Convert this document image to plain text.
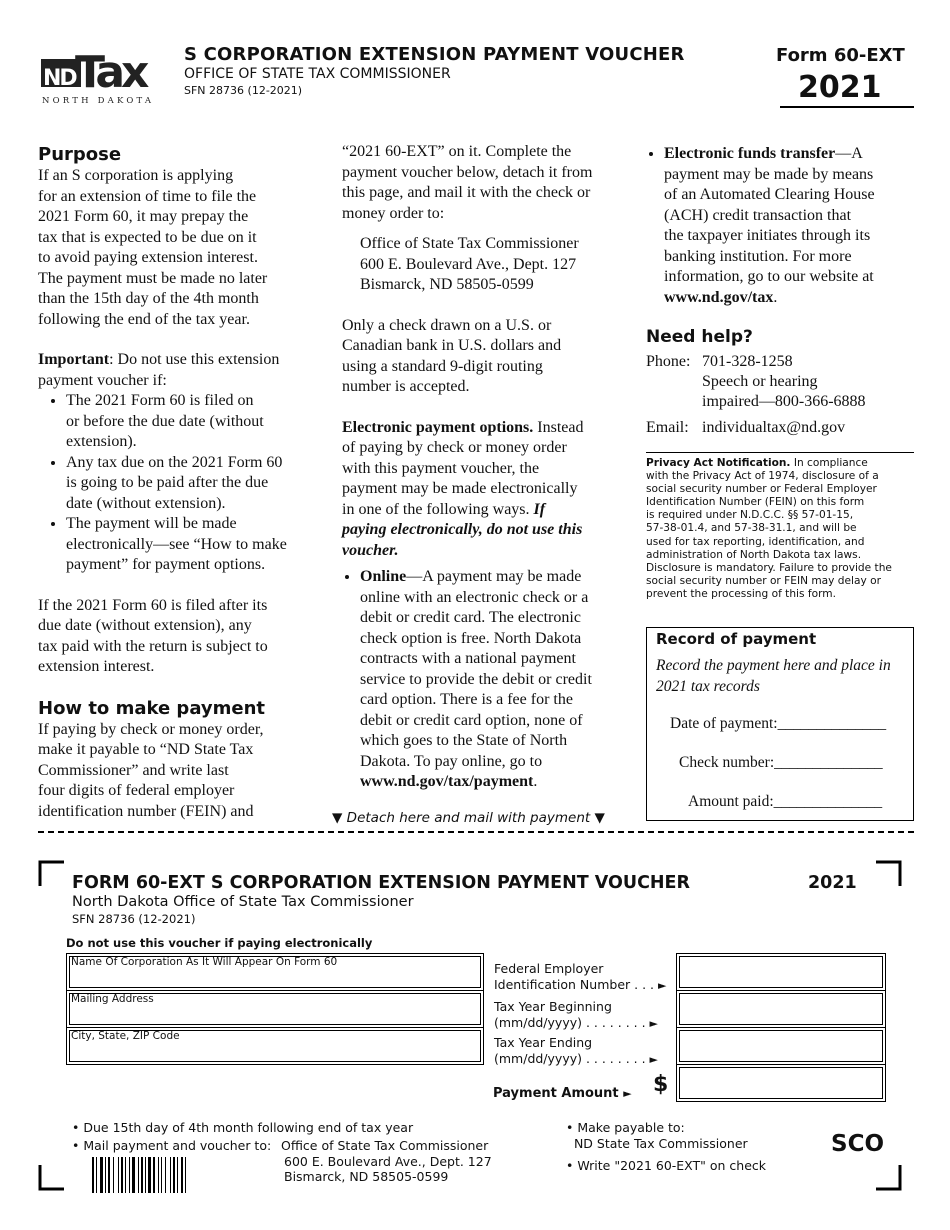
ND Tax
NORTH DAKOTA
S CORPORATION EXTENSION PAYMENT VOUCHER
OFFICE OF STATE TAX COMMISSIONER
SFN 28736 (12-2021)
Form 60-EXT
2021

Purpose

If an S corporation is applying

for an extension of time to file the

2021 Form 60, it may prepay the

tax that is expected to be due on it

to avoid paying extension interest.

The payment must be made no later

than the 15th day of the 4th month

following the end of the tax year.

Important: Do not use this extension

payment voucher if:

• The 2021 Form 60 is filed on
or before the due date (without
extension).
• Any tax due on the 2021 Form 60
is going to be paid after the due
date (without extension).
• The payment will be made
electronically—see “How to make
payment” for payment options.

If the 2021 Form 60 is filed after its

due date (without extension), any

tax paid with the return is subject to

extension interest.

How to make payment

If paying by check or money order,

make it payable to “ND State Tax

Commissioner” and write last

four digits of federal employer

identification number (FEIN) and

“2021 60-EXT” on it. Complete the

payment voucher below, detach it from

this page, and mail it with the check or

money order to:

Office of State Tax Commissioner

600 E. Boulevard Ave., Dept. 127

Bismarck, ND 58505-0599

Only a check drawn on a U.S. or

Canadian bank in U.S. dollars and

using a standard 9-digit routing

number is accepted.

Electronic payment options. Instead

of paying by check or money order

with this payment voucher, the

payment may be made electronically

in one of the following ways. If

paying electronically, do not use this

voucher.

• Online—A payment may be made
online with an electronic check or a
debit or credit card. The electronic
check option is free. North Dakota
contracts with a national payment
service to provide the debit or credit
card option. There is a fee for the
debit or credit card option, none of
which goes to the State of North
Dakota. To pay online, go to
www.nd.gov/tax/payment.
• Electronic funds transfer—A
payment may be made by means
of an Automated Clearing House
(ACH) credit transaction that
the taxpayer initiates through its
banking institution. For more
information, go to our website at
www.nd.gov/tax.

Need help?

Phone: 701-328-1258
Speech or hearing
impaired—800-366-6888
Email: individualtax@nd.gov
Privacy Act Notification. In compliance
with the Privacy Act of 1974, disclosure of a
social security number or Federal Employer
Identification Number (FEIN) on this form
is required under N.D.C.C. §§ 57-01-15,
57-38-01.4, and 57-38-31.1, and will be
used for tax reporting, identification, and
administration of North Dakota tax laws.
Disclosure is mandatory. Failure to provide the
social security number or FEIN may delay or
prevent the processing of this form.
Record of payment
Record the payment here and place in 2021 tax records
Date of payment:______________
Check number:______________
Amount paid:______________
▼ Detach here and mail with payment ▼
FORM 60-EXT S CORPORATION EXTENSION PAYMENT VOUCHER	2021
North Dakota Office of State Tax Commissioner
SFN 28736 (12-2021)
Do not use this voucher if paying electronically
Name Of Corporation As It Will Appear On Form 60
Mailing Address
City, State, ZIP Code
Federal Employer
Identification Number . . . ►
Tax Year Beginning
(mm/dd/yyyy) . . . . . . . . ►
Tax Year Ending
(mm/dd/yyyy) . . . . . . . . ►
Payment Amount ► $
• Due 15th day of 4th month following end of tax year
• Mail payment and voucher to: Office of State Tax Commissioner
600 E. Boulevard Ave., Dept. 127
Bismarck, ND 58505-0599
• Make payable to:
ND State Tax Commissioner
• Write "2021 60-EXT" on check
SCO
